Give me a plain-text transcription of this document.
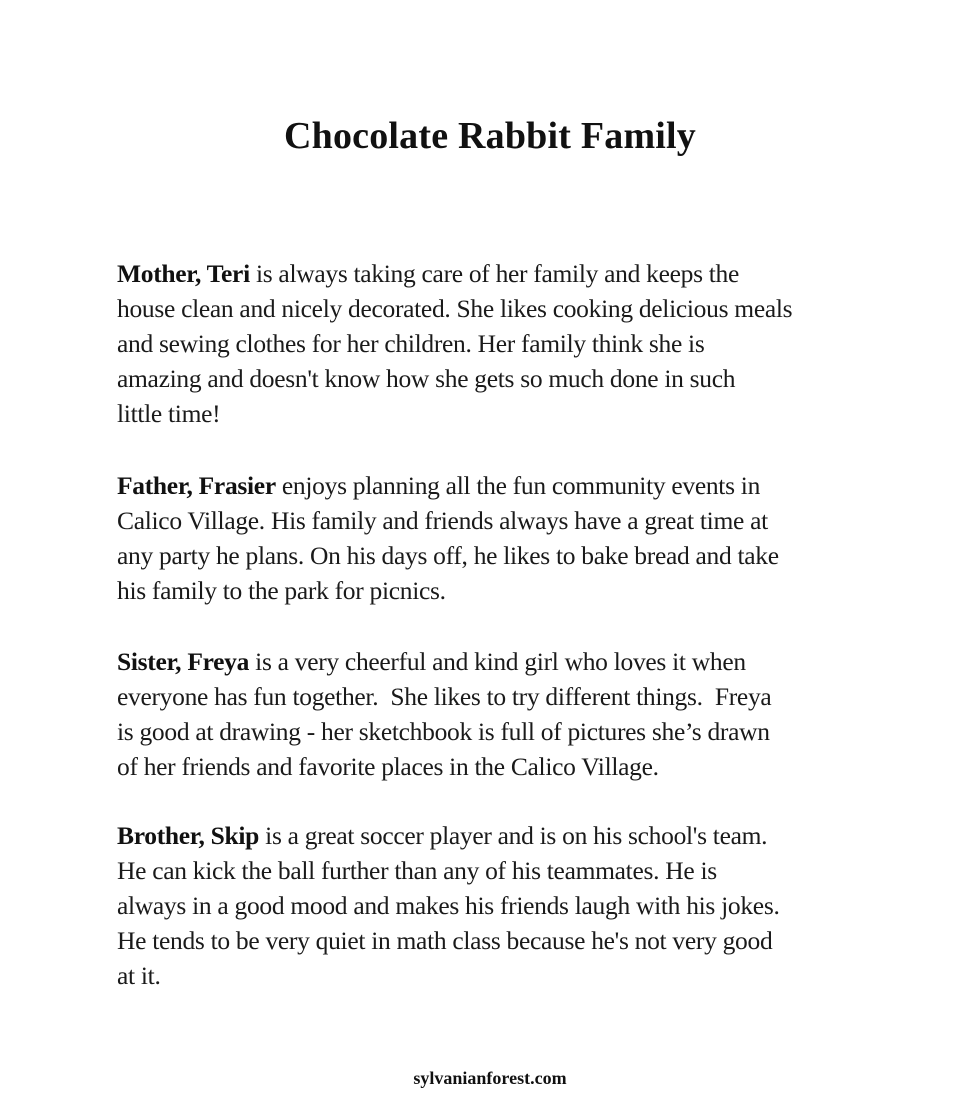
Chocolate Rabbit Family
Mother, Teri is always taking care of her family and keeps the
house clean and nicely decorated. She likes cooking delicious meals
and sewing clothes for her children. Her family think she is
amazing and doesn't know how she gets so much done in such
little time!
Father, Frasier enjoys planning all the fun community events in
Calico Village. His family and friends always have a great time at
any party he plans. On his days off, he likes to bake bread and take
his family to the park for picnics.
Sister, Freya is a very cheerful and kind girl who loves it when
everyone has fun together.  She likes to try different things.  Freya
is good at drawing - her sketchbook is full of pictures she’s drawn
of her friends and favorite places in the Calico Village.
Brother, Skip is a great soccer player and is on his school's team.
He can kick the ball further than any of his teammates. He is
always in a good mood and makes his friends laugh with his jokes.
He tends to be very quiet in math class because he's not very good
at it.
sylvanianforest.com
